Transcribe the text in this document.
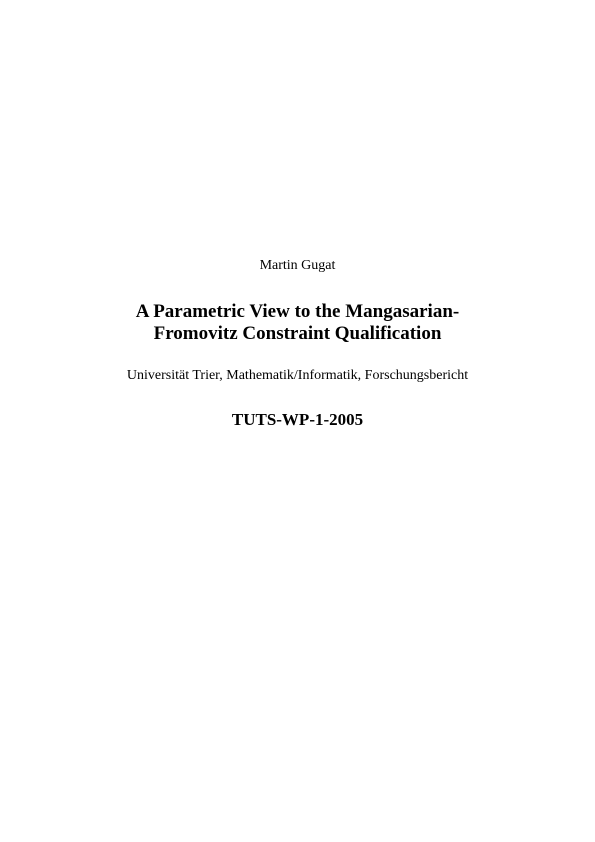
Martin Gugat
A Parametric View to the Mangasarian-
Fromovitz Constraint Qualification
Universität Trier, Mathematik/Informatik, Forschungsbericht
TUTS-WP-1-2005
